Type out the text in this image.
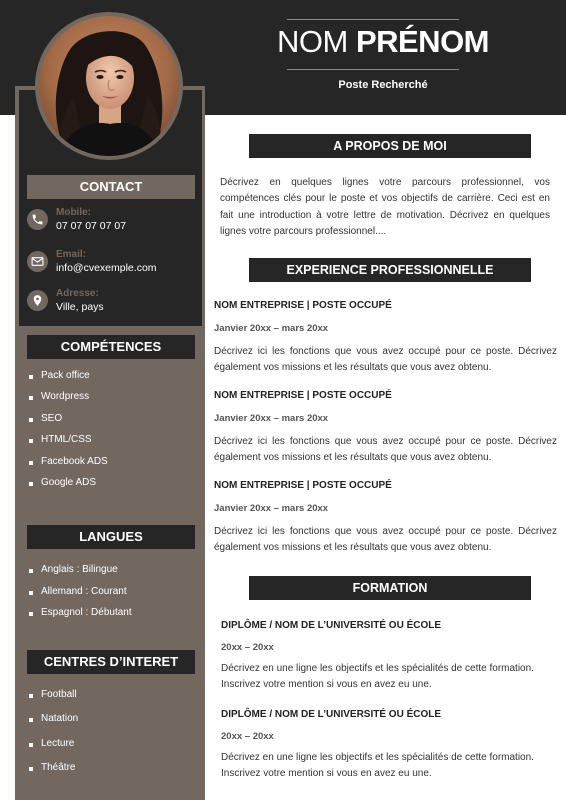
NOM PRÉNOM
Poste Recherché
CONTACT
Mobile:
07 07 07 07 07
Email:
info@cvexemple.com
Adresse:
Ville, pays
COMPÉTENCES
Pack office
Wordpress
SEO
HTML/CSS
Facebook ADS
Google ADS
LANGUES
Anglais : Bilingue
Allemand : Courant
Espagnol : Débutant
CENTRES D’INTERET
Football
Natation
Lecture
Théâtre
A PROPOS DE MOI
Décrivez en quelques lignes votre parcours professionnel, vos compétences clés pour le poste et vos objectifs de carrière. Ceci est en fait une introduction à votre lettre de motivation. Décrivez en quelques lignes votre parcours professionnel....
EXPERIENCE PROFESSIONNELLE
NOM ENTREPRISE | POSTE OCCUPÉ
Janvier 20xx – mars 20xx
Décrivez ici les fonctions que vous avez occupé pour ce poste. Décrivez également vos missions et les résultats que vous avez obtenu.
NOM ENTREPRISE | POSTE OCCUPÉ
Janvier 20xx – mars 20xx
Décrivez ici les fonctions que vous avez occupé pour ce poste. Décrivez également vos missions et les résultats que vous avez obtenu.
NOM ENTREPRISE | POSTE OCCUPÉ
Janvier 20xx – mars 20xx
Décrivez ici les fonctions que vous avez occupé pour ce poste. Décrivez également vos missions et les résultats que vous avez obtenu.
FORMATION
DIPLÔME / NOM DE L’UNIVERSITÉ OU ÉCOLE
20xx – 20xx
Décrivez en une ligne les objectifs et les spécialités de cette formation. Inscrivez votre mention si vous en avez eu une.
DIPLÔME / NOM DE L’UNIVERSITÉ OU ÉCOLE
20xx – 20xx
Décrivez en une ligne les objectifs et les spécialités de cette formation. Inscrivez votre mention si vous en avez eu une.
